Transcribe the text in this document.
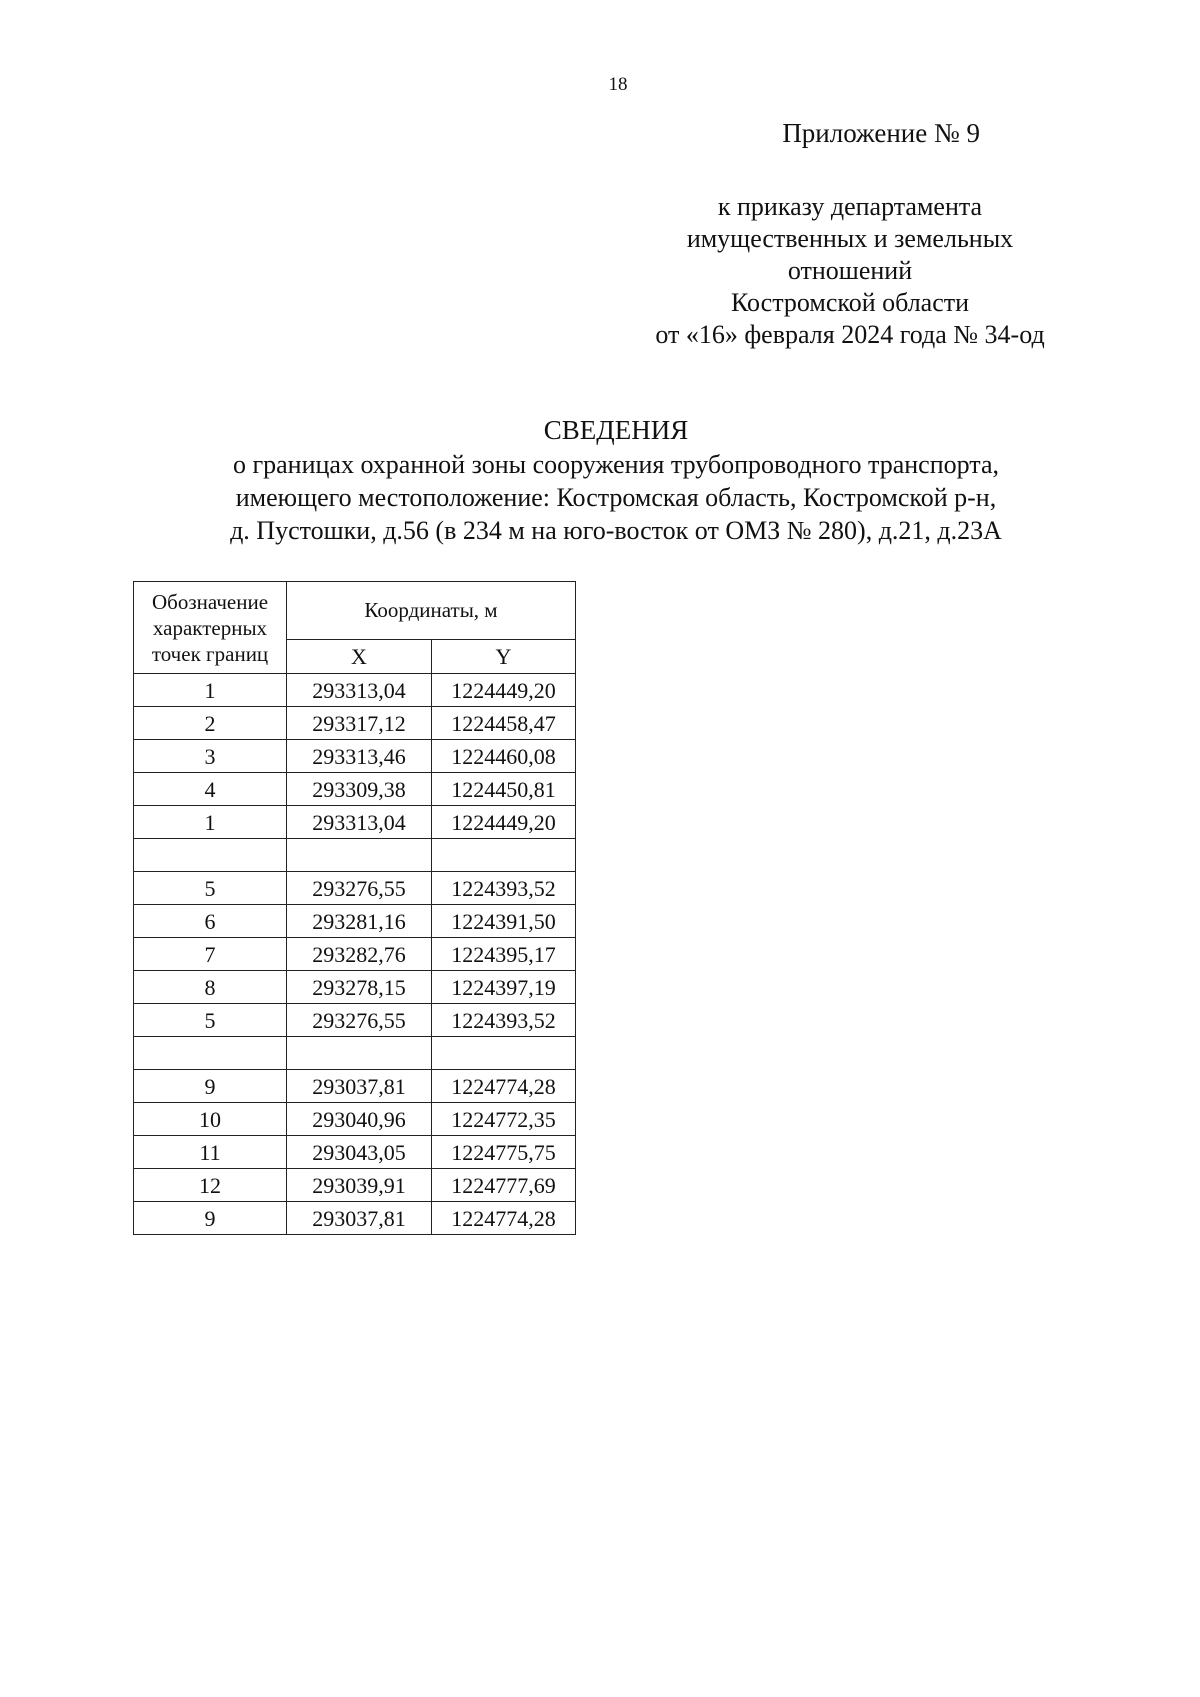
18
Приложение № 9
к приказу департамента
имущественных и земельных
отношений
Костромской области
от «16» февраля 2024 года № 34-од
СВЕДЕНИЯ
о границах охранной зоны сооружения трубопроводного транспорта,
имеющего местоположение: Костромская область, Костромской р-н,
д. Пустошки, д.56 (в 234 м на юго-восток от ОМЗ № 280), д.21, д.23А
Обозначение характерных точек границ	Координаты, м	
	X	Y
1	293313,04	1224449,20
2	293317,12	1224458,47
3	293313,46	1224460,08
4	293309,38	1224450,81
1	293313,04	1224449,20

5	293276,55	1224393,52
6	293281,16	1224391,50
7	293282,76	1224395,17
8	293278,15	1224397,19
5	293276,55	1224393,52

9	293037,81	1224774,28
10	293040,96	1224772,35
11	293043,05	1224775,75
12	293039,91	1224777,69
9	293037,81	1224774,28
